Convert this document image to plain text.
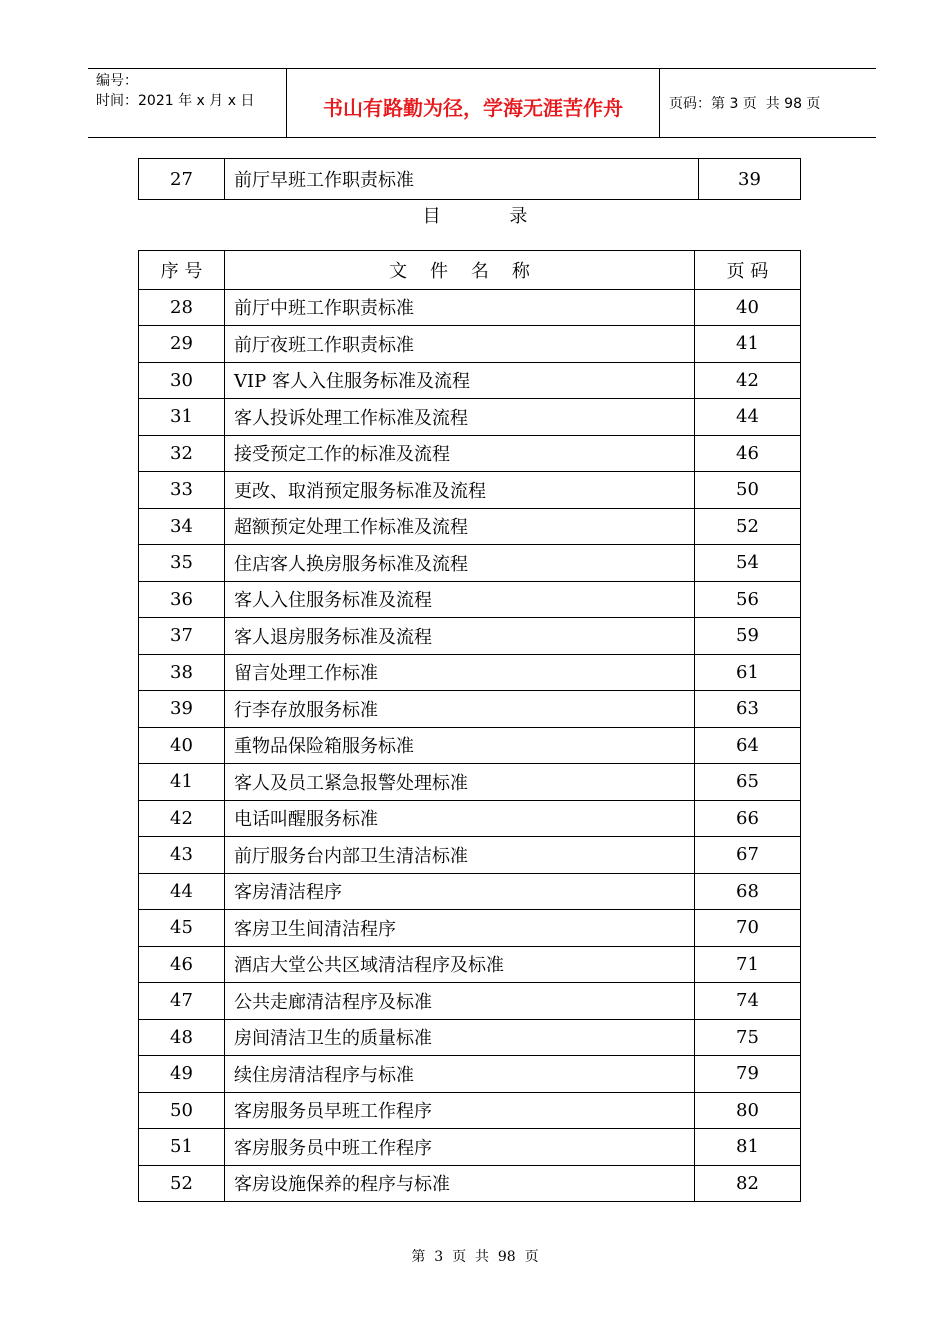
编号：
时间：2021 年 x 月 x 日	书山有路勤为径，学海无涯苦作舟	页码：第 3 页  共 98 页
27	前厅早班工作职责标准	39
目            录
序 号	文    件    名    称	页 码
28	前厅中班工作职责标准	40
29	前厅夜班工作职责标准	41
30	VIP 客人入住服务标准及流程	42
31	客人投诉处理工作标准及流程	44
32	接受预定工作的标准及流程	46
33	更改、取消预定服务标准及流程	50
34	超额预定处理工作标准及流程	52
35	住店客人换房服务标准及流程	54
36	客人入住服务标准及流程	56
37	客人退房服务标准及流程	59
38	留言处理工作标准	61
39	行李存放服务标准	63
40	重物品保险箱服务标准	64
41	客人及员工紧急报警处理标准	65
42	电话叫醒服务标准	66
43	前厅服务台内部卫生清洁标准	67
44	客房清洁程序	68
45	客房卫生间清洁程序	70
46	酒店大堂公共区域清洁程序及标准	71
47	公共走廊清洁程序及标准	74
48	房间清洁卫生的质量标准	75
49	续住房清洁程序与标准	79
50	客房服务员早班工作程序	80
51	客房服务员中班工作程序	81
52	客房设施保养的程序与标准	82
第  3  页  共  98  页
